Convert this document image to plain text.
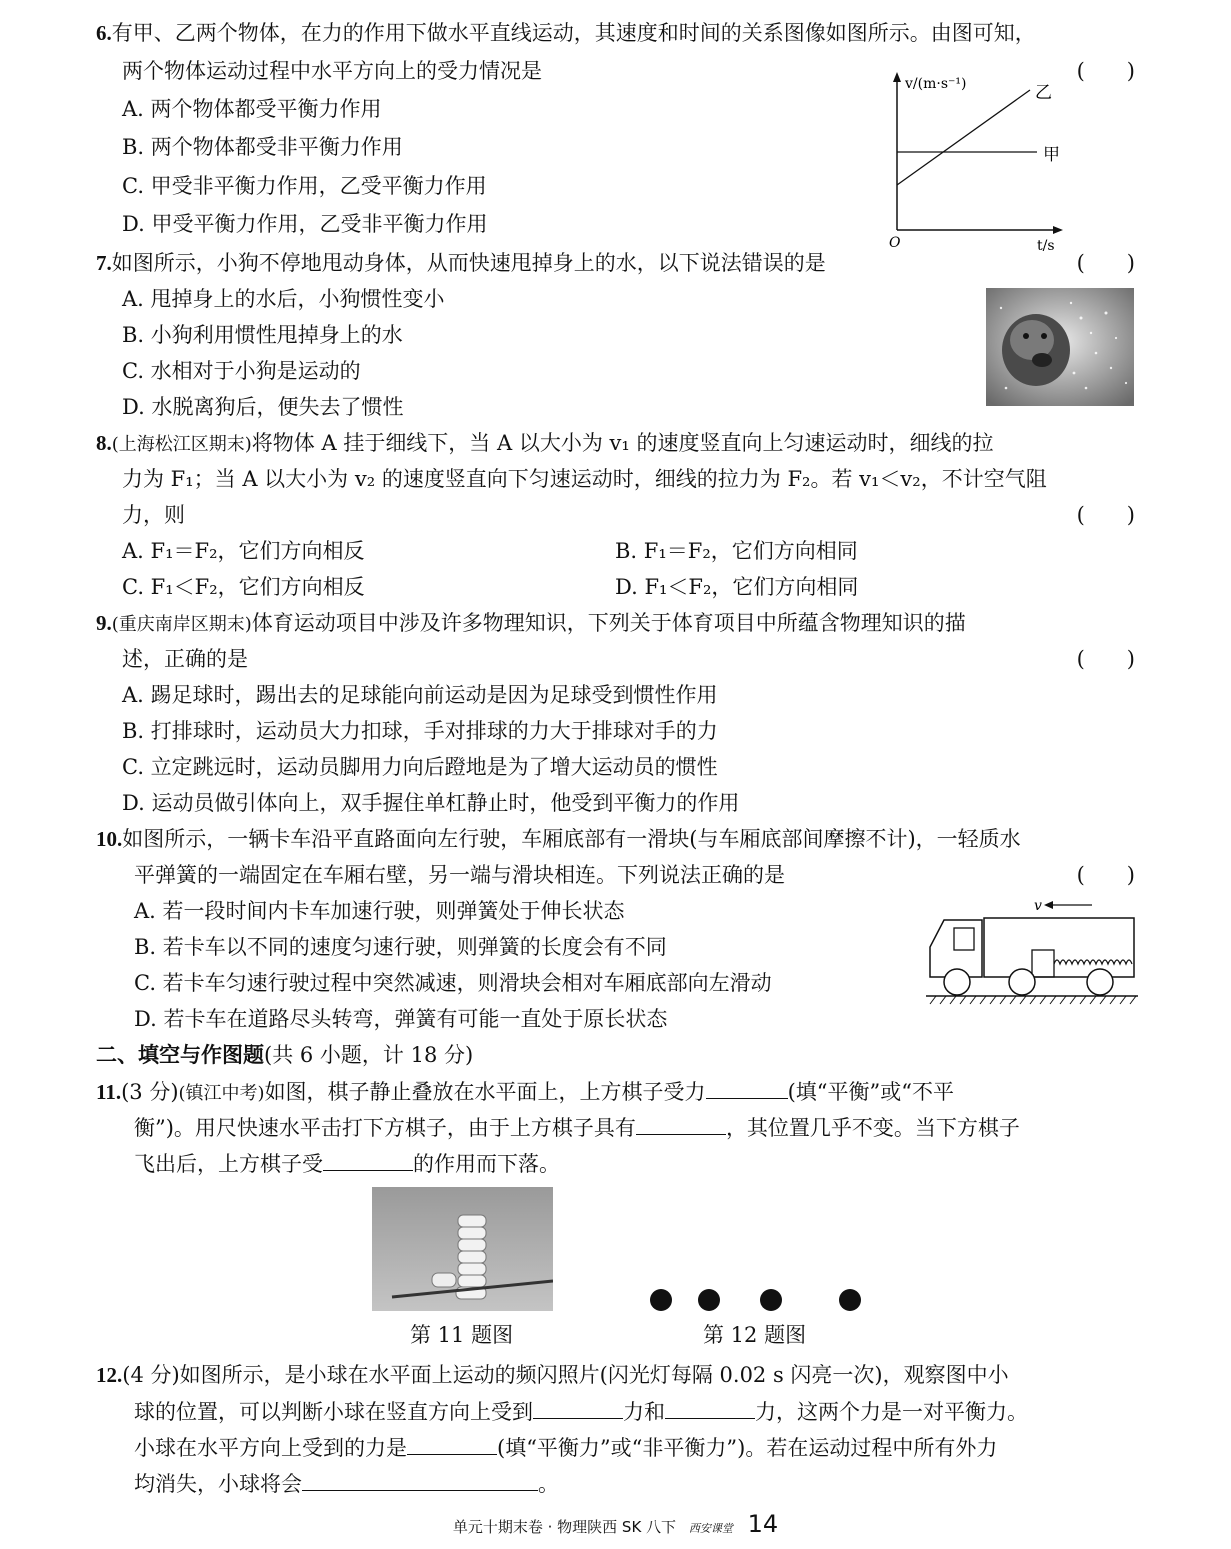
6.有甲、乙两个物体，在力的作用下做水平直线运动，其速度和时间的关系图像如图所示。由图可知，
两个物体运动过程中水平方向上的受力情况是	(　　)
A. 两个物体都受平衡力作用
B. 两个物体都受非平衡力作用
C. 甲受非平衡力作用，乙受平衡力作用
D. 甲受平衡力作用，乙受非平衡力作用
v/(m·s⁻¹)	乙
甲
O	t/s
7.如图所示，小狗不停地甩动身体，从而快速甩掉身上的水，以下说法错误的是	(　　)
A. 甩掉身上的水后，小狗惯性变小
B. 小狗利用惯性甩掉身上的水
C. 水相对于小狗是运动的
D. 水脱离狗后，便失去了惯性
8.(上海松江区期末)将物体 A 挂于细线下，当 A 以大小为 v₁ 的速度竖直向上匀速运动时，细线的拉
力为 F₁；当 A 以大小为 v₂ 的速度竖直向下匀速运动时，细线的拉力为 F₂。若 v₁＜v₂，不计空气阻
力，则	(　　)
A. F₁＝F₂，它们方向相反	B. F₁＝F₂，它们方向相同
C. F₁＜F₂，它们方向相反	D. F₁＜F₂，它们方向相同
9.(重庆南岸区期末)体育运动项目中涉及许多物理知识，下列关于体育项目中所蕴含物理知识的描
述，正确的是	(　　)
A. 踢足球时，踢出去的足球能向前运动是因为足球受到惯性作用
B. 打排球时，运动员大力扣球，手对排球的力大于排球对手的力
C. 立定跳远时，运动员脚用力向后蹬地是为了增大运动员的惯性
D. 运动员做引体向上，双手握住单杠静止时，他受到平衡力的作用
10.如图所示，一辆卡车沿平直路面向左行驶，车厢底部有一滑块(与车厢底部间摩擦不计)，一轻质水
平弹簧的一端固定在车厢右壁，另一端与滑块相连。下列说法正确的是	(　　)
A. 若一段时间内卡车加速行驶，则弹簧处于伸长状态
B. 若卡车以不同的速度匀速行驶，则弹簧的长度会有不同
C. 若卡车匀速行驶过程中突然减速，则滑块会相对车厢底部向左滑动
D. 若卡车在道路尽头转弯，弹簧有可能一直处于原长状态
v
二、填空与作图题(共 6 小题，计 18 分)
11.(3 分)(镇江中考)如图，棋子静止叠放在水平面上，上方棋子受力	(填“平衡”或“不平
衡”)。用尺快速水平击打下方棋子，由于上方棋子具有	，其位置几乎不变。当下方棋子
飞出后，上方棋子受	的作用而下落。
第 11 题图	第 12 题图
12.(4 分)如图所示，是小球在水平面上运动的频闪照片(闪光灯每隔 0.02 s 闪亮一次)，观察图中小
球的位置，可以判断小球在竖直方向上受到	力和	力，这两个力是一对平衡力。
小球在水平方向上受到的力是	(填“平衡力”或“非平衡力”)。若在运动过程中所有外力
均消失，小球将会	。
单元十期末卷 · 物理陕西 SK 八下 西安课堂 14
